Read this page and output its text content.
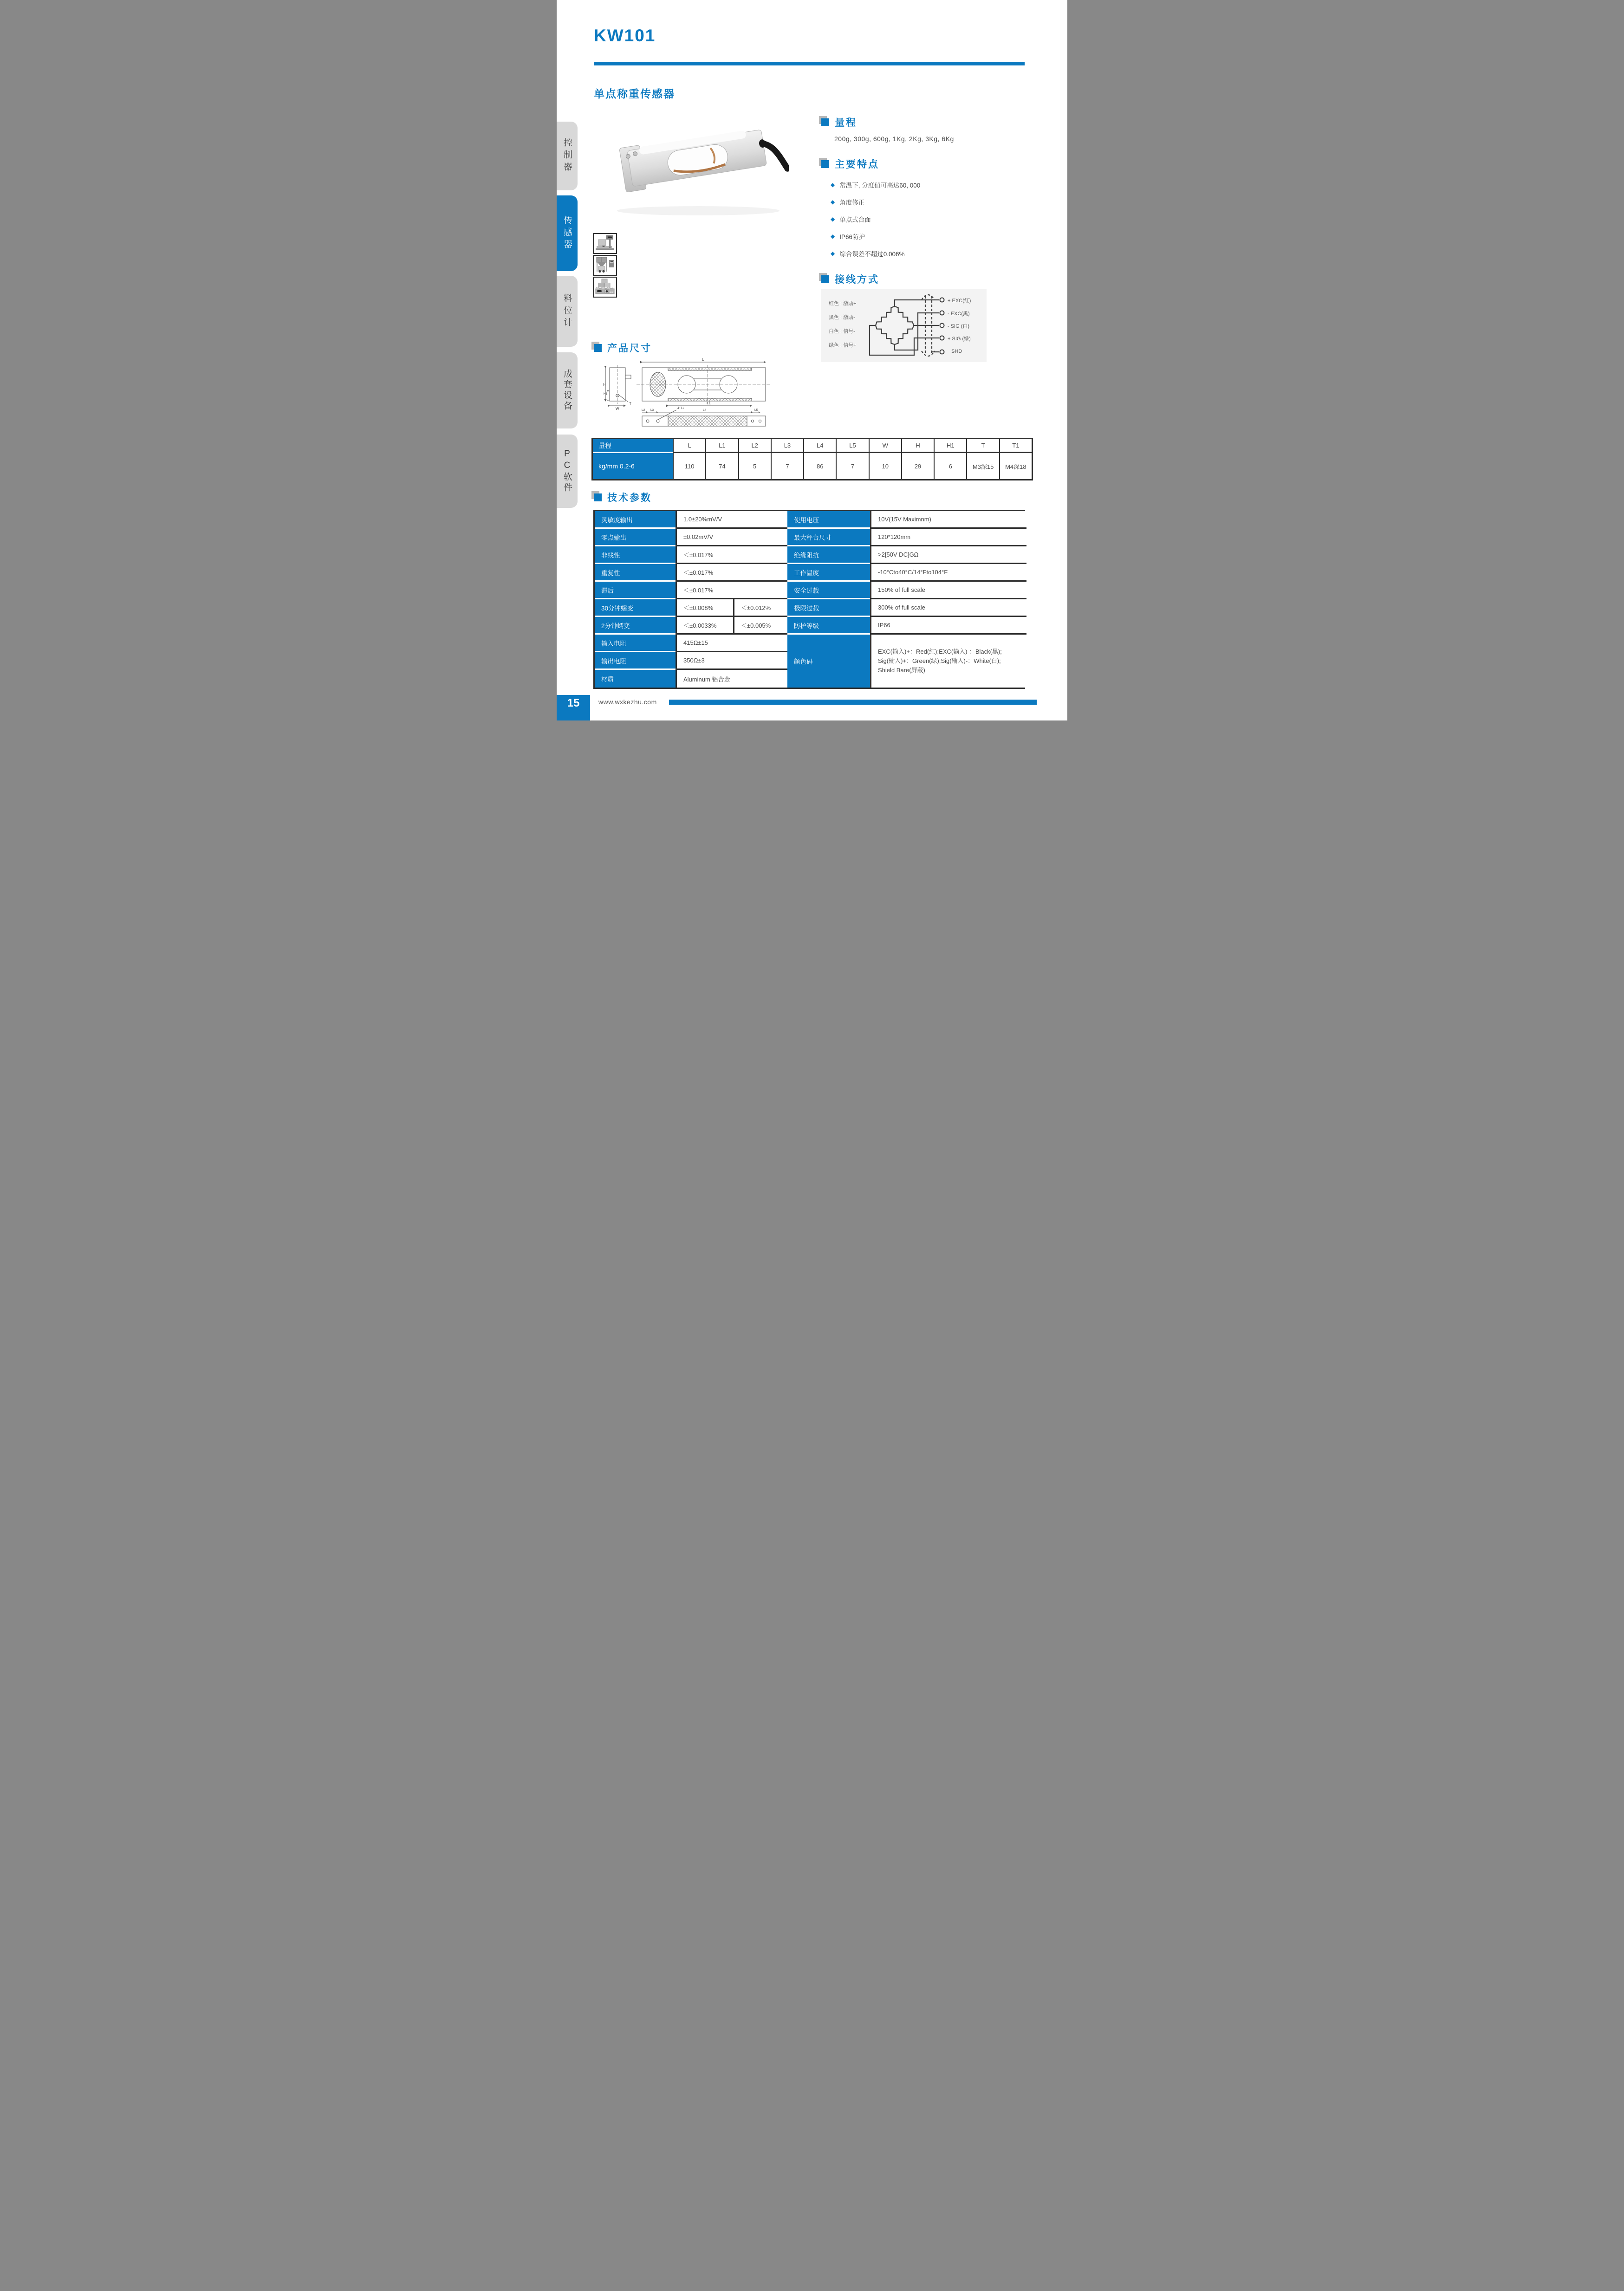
KW101
单点称重传感器
控制器
传感器
料位计
成套设备
PC软件
量程
200g, 300g, 600g, 1Kg, 2Kg, 3Kg, 6Kg
主要特点
◆ 常温下, 分度值可高达60, 000
◆ 角度修正
◆ 单点式台面
◆ IP66防护
◆ 综合误差不超过0.006%
接线方式
红色 : 激励+
黑色 : 激励-
白色 : 信号-
绿色 : 信号+
+ EXC(红)
- EXC(黑)
- SIG (白)
+ SIG (绿)
SHD
产品尺寸
L
L1
H
H1
W
T
L2 L3	L4	L5
4-T1
量程	L	L1	L2	L3	L4	L5	W	H	H1	T	T1
kg/mm 0.2-6	110	74	5	7	86	7	10	29	6	M3深15	M4深18
技术参数
灵敏度输出	1.0±20%mV/V	使用电压	10V(15V Maximnm)
零点输出	±0.02mV/V	最大秤台尺寸	120*120mm
非线性	＜±0.017%	绝缘阻抗	>2[50V DC]GΩ
重复性	＜±0.017%	工作温度	-10°Cto40°C/14°Fto104°F
滞后	＜±0.017%	安全过载	150% of full scale
30分钟蠕变	＜±0.008%	＜±0.012%	极限过载	300% of full scale
2分钟蠕变	＜±0.0033%	＜±0.005%	防护等级	IP66
输入电阻	415Ω±15
颜色码
EXC(输入)+：Red(红);EXC(输入)-：Black(黑);
Sig(输入)+：Green(绿);Sig(输入)-：White(白);
Shield Bare(屏蔽)
输出电阻	350Ω±3
材质	Aluminum 铝合金
15	www.wxkezhu.com
